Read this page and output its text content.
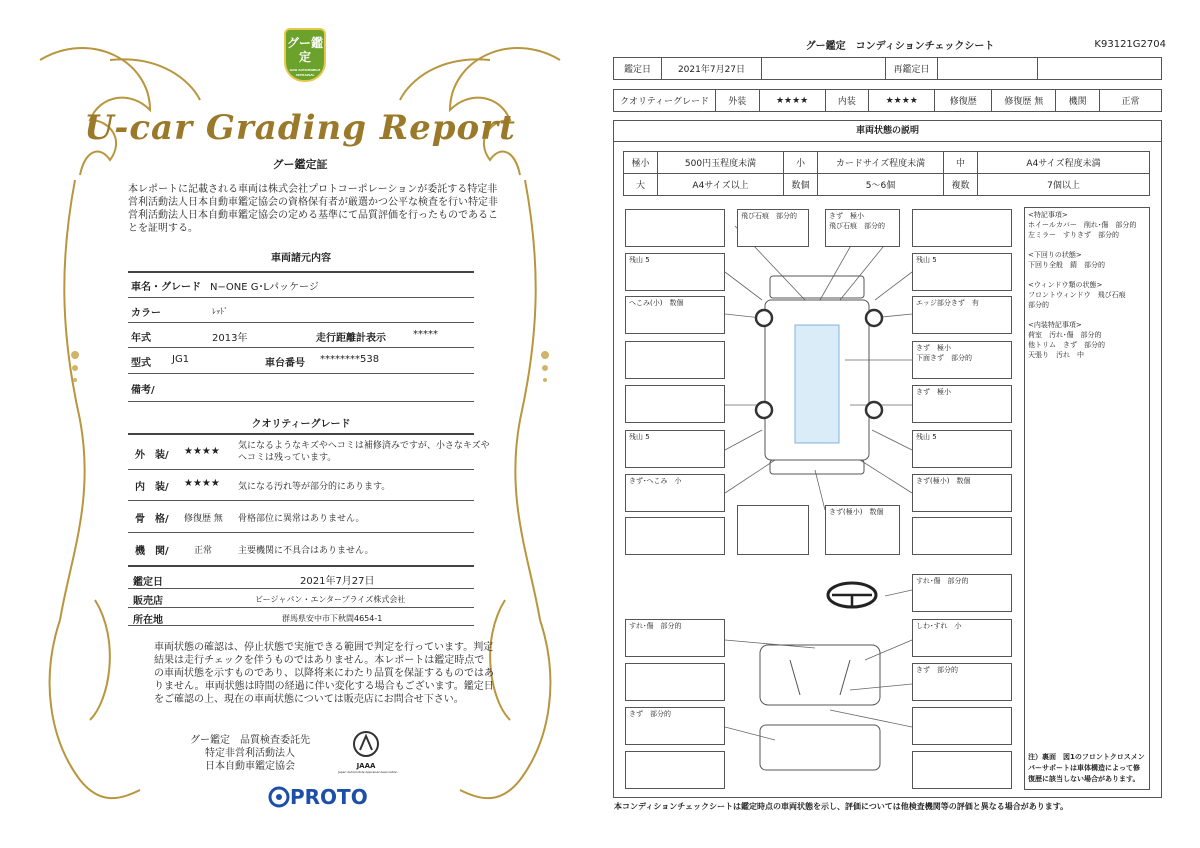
グー鑑定
GOO AUTOMOBILE APPRAISAL
U-car Grading Report
グー鑑定証
本レポートに記載される車両は株式会社プロトコーポレーションが委託する特定非営利活動法人日本自動車鑑定協会の資格保有者が厳選かつ公平な検査を行い特定非営利活動法人日本自動車鑑定協会の定める基準にて品質評価を行ったものであることを証明する。
車両諸元内容
車名・グレード N−ONE G･Lパッケージ
カラー	ﾚｯﾄﾞ
年式	2013年	走行距離計表示	*****
型式 JG1	車台番号 ********538
備考/
クオリティーグレード
外　装/ ★★★★ 気になるようなキズやヘコミは補修済みですが、小さなキズやヘコミは残っています。
内　装/ ★★★★ 気になる汚れ等が部分的にあります。
骨　格/ 修復歴 無 骨格部位に異常はありません。
機　関/	正常	主要機関に不具合はありません。
鑑定日	2021年7月27日
販売店	ビージャパン・エンタープライズ株式会社
所在地	群馬県安中市下秋間4654-1
車両状態の確認は、停止状態で実施できる範囲で判定を行っています。判定結果は走行チェックを伴うものではありません。本レポートは鑑定時点での車両状態を示すものであり、以降将来にわたり品質を保証するものではありません。車両状態は時間の経過に伴い変化する場合もございます。鑑定日をご確認の上、現在の車両状態については販売店にお問合せ下さい。
グー鑑定　品質検査委託先
特定非営利活動法人
日本自動車鑑定協会	JAAA
Japan Automobile Appraisal Association
PROTO
グー鑑定　コンディションチェックシート	K93121G2704
鑑定日	2021年7月27日		再鑑定日		
クオリティーグレード	外装	★★★★	内装	★★★★	修復歴	修復歴 無	機関	正常
車両状態の説明
極小	500円玉程度未満	小	カードサイズ程度未満	中	A4サイズ程度未満
大	A4サイズ以上	数個	5～6個	複数	7個以上
飛び石痕　部分的	きず　極小
飛び石痕　部分的
残山 5	残山 5
へこみ(小)　数個	エッジ部分きず　有
きず　極小
下面きず　部分的
きず　極小
残山 5	残山 5
きず･へこみ　小	きず(極小)　数個
きず(極小)　数個
すれ･傷　部分的
すれ･傷　部分的	しわ･すれ　小
きず　部分的
きず　部分的
<特記事項>
ホイールカバー　削れ･傷　部分的
左ミラー　すりきず　部分的

<下回りの状態>
下回り全般　錆　部分的

<ウィンドウ類の状態>
フロントウィンドウ　飛び石痕
部分的

<内装特記事項>
荷室　汚れ･傷　部分的
他トリム　きず　部分的
天張り　汚れ　中
注）裏面　図1のフロントクロスメンバーサポートは車体構造によって修復歴に該当しない場合があります。
本コンディションチェックシートは鑑定時点の車両状態を示し、評価については他検査機関等の評価と異なる場合があります。
